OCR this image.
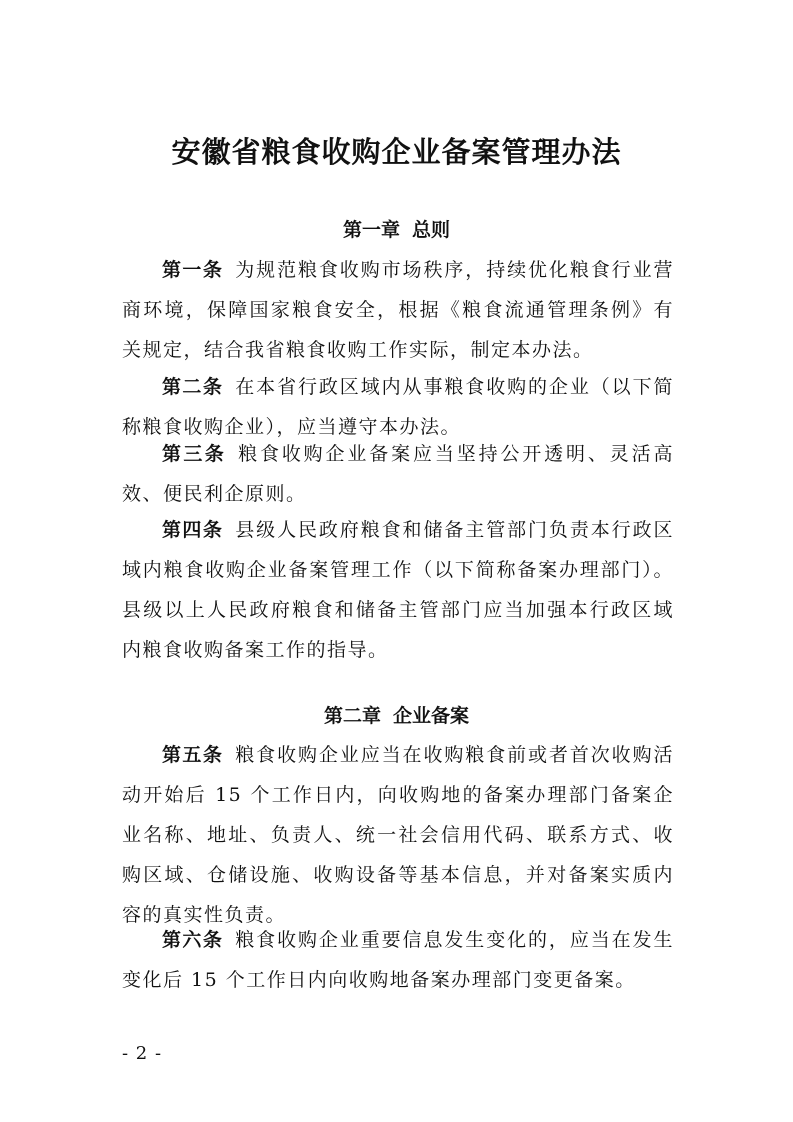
安徽省粮食收购企业备案管理办法
第一章 总则

第一条 为规范粮食收购市场秩序，持续优化粮食行业营商环境，保障国家粮食安全，根据《粮食流通管理条例》有关规定，结合我省粮食收购工作实际，制定本办法。

第二条 在本省行政区域内从事粮食收购的企业（以下简称粮食收购企业），应当遵守本办法。

第三条 粮食收购企业备案应当坚持公开透明、灵活高效、便民利企原则。

第四条 县级人民政府粮食和储备主管部门负责本行政区域内粮食收购企业备案管理工作（以下简称备案办理部门）。县级以上人民政府粮食和储备主管部门应当加强本行政区域内粮食收购备案工作的指导。

第二章 企业备案

第五条 粮食收购企业应当在收购粮食前或者首次收购活动开始后 15 个工作日内，向收购地的备案办理部门备案企业名称、地址、负责人、统一社会信用代码、联系方式、收购区域、仓储设施、收购设备等基本信息，并对备案实质内容的真实性负责。

第六条 粮食收购企业重要信息发生变化的，应当在发生变化后 15 个工作日内向收购地备案办理部门变更备案。

- 2 -
